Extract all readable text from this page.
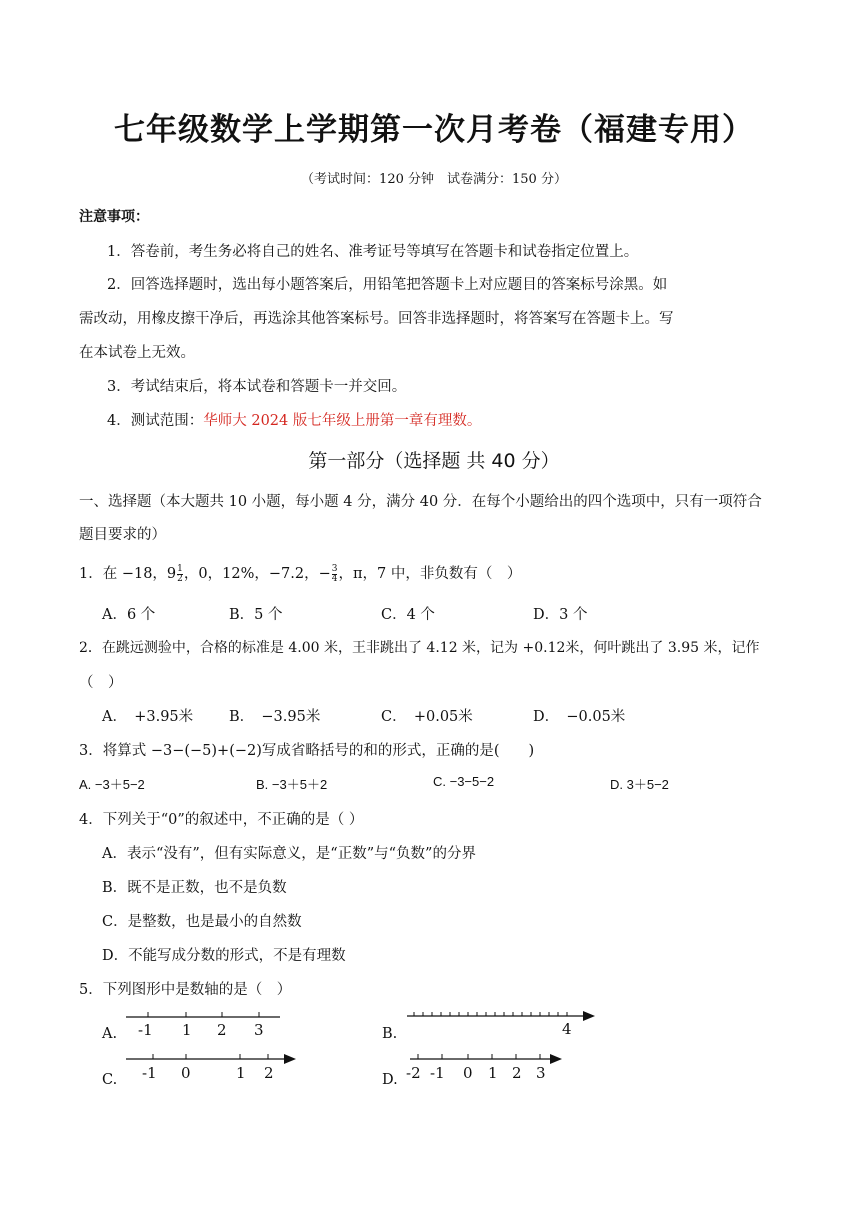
七年级数学上学期第一次月考卷（福建专用）
（考试时间：120 分钟　试卷满分：150 分）
注意事项：
1．答卷前，考生务必将自己的姓名、准考证号等填写在答题卡和试卷指定位置上。
2．回答选择题时，选出每小题答案后，用铅笔把答题卡上对应题目的答案标号涂黑。如
需改动，用橡皮擦干净后，再选涂其他答案标号。回答非选择题时，将答案写在答题卡上。写
在本试卷上无效。
3．考试结束后，将本试卷和答题卡一并交回。
4．测试范围：华师大 2024 版七年级上册第一章有理数。
第一部分（选择题 共 40 分）
一、选择题（本大题共 10 小题，每小题 4 分，满分 40 分．在每个小题给出的四个选项中，只有一项符合
题目要求的）
1．在 −18，$9 \frac{1}{2}$ ，0，12%，−7.2，− $\frac{3}{4}$ ，π，7 中，非负数有（　）
A．6 个	B．5 个	C．4 个	D．3 个
2．在跳远测验中，合格的标准是 4.00 米，王非跳出了 4.12 米，记为 +0.12米，何叶跳出了 3.95 米，记作
（　）
A．　+3.95米 B．　−3.95米	C．　+0.05米	D．　−0.05米
3．将算式 −3−(−5)+(−2)写成省略括号的和的形式，正确的是(　　)
A. −3＋5−2	B. −3＋5＋2	C. −3−5−2	D. 3＋5−2
4．下列关于“0”的叙述中，不正确的是（ ）
A．表示“没有”，但有实际意义，是“正数”与“负数”的分界
B．既不是正数，也不是负数
C．是整数，也是最小的自然数
D．不能写成分数的形式，不是有理数
5．下列图形中是数轴的是（　）
A. -1 1 2 3	B.	4
C. -1 0	1 2	D. -2 -1 0 1 2 3
